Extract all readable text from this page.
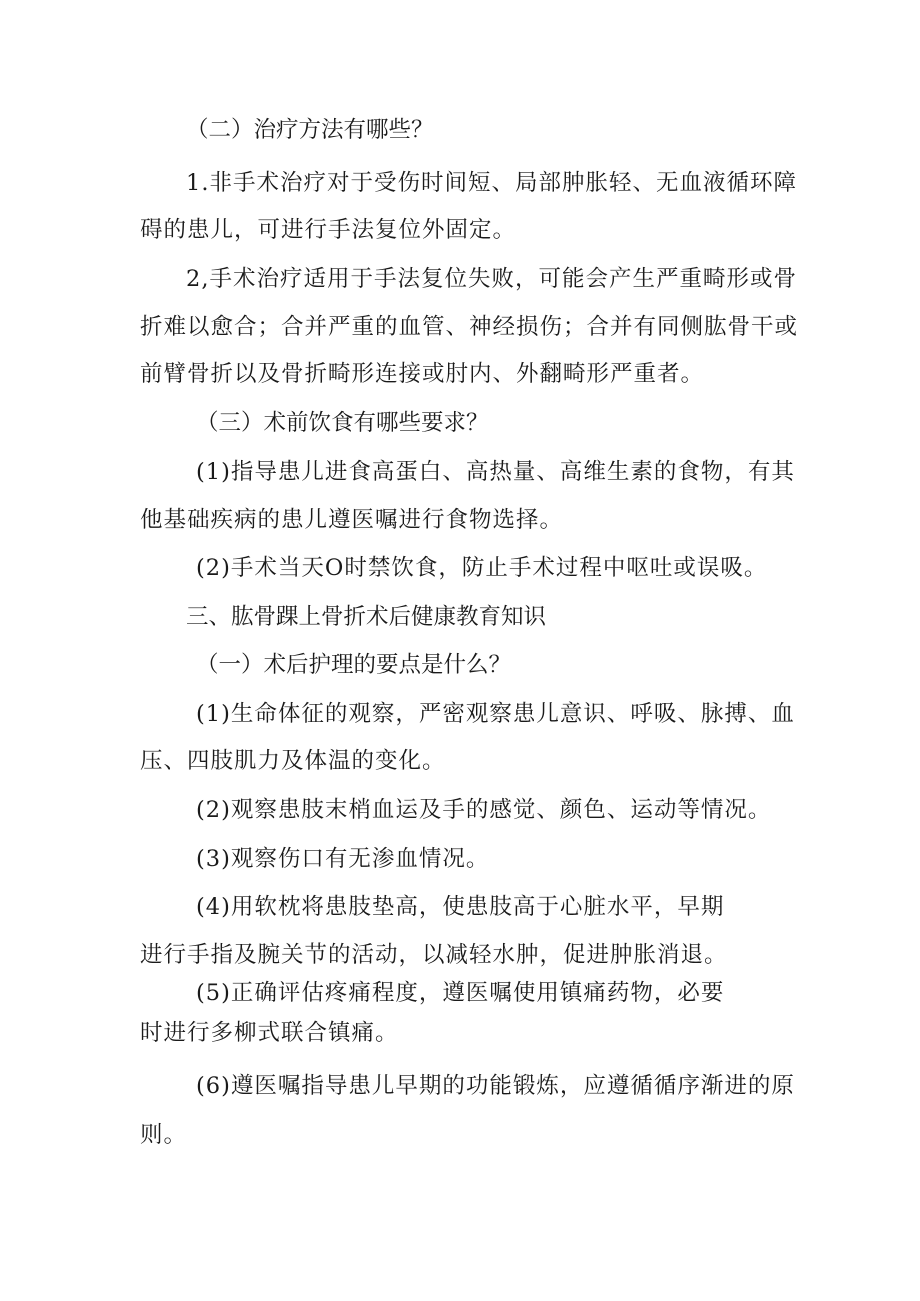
（二）治疗方法有哪些？
1.非手术治疗对于受伤时间短、局部肿胀轻、无血液循环障
碍的患儿，可进行手法复位外固定。
2,手术治疗适用于手法复位失败，可能会产生严重畸形或骨
折难以愈合；合并严重的血管、神经损伤；合并有同侧肱骨干或
前臂骨折以及骨折畸形连接或肘内、外翻畸形严重者。
（三）术前饮食有哪些要求？
(1)指导患儿进食高蛋白、高热量、高维生素的食物，有其
他基础疾病的患儿遵医嘱进行食物选择。
(2)手术当天O时禁饮食，防止手术过程中呕吐或误吸。
三、肱骨踝上骨折术后健康教育知识
（一）术后护理的要点是什么？
(1)生命体征的观察，严密观察患儿意识、呼吸、脉搏、血
压、四肢肌力及体温的变化。
(2)观察患肢末梢血运及手的感觉、颜色、运动等情况。
(3)观察伤口有无渗血情况。
(4)用软枕将患肢垫高，使患肢高于心脏水平，早期
进行手指及腕关节的活动，以减轻水肿，促进肿胀消退。
(5)正确评估疼痛程度，遵医嘱使用镇痛药物，必要
时进行多柳式联合镇痛。
(6)遵医嘱指导患儿早期的功能锻炼，应遵循循序渐进的原
则。
